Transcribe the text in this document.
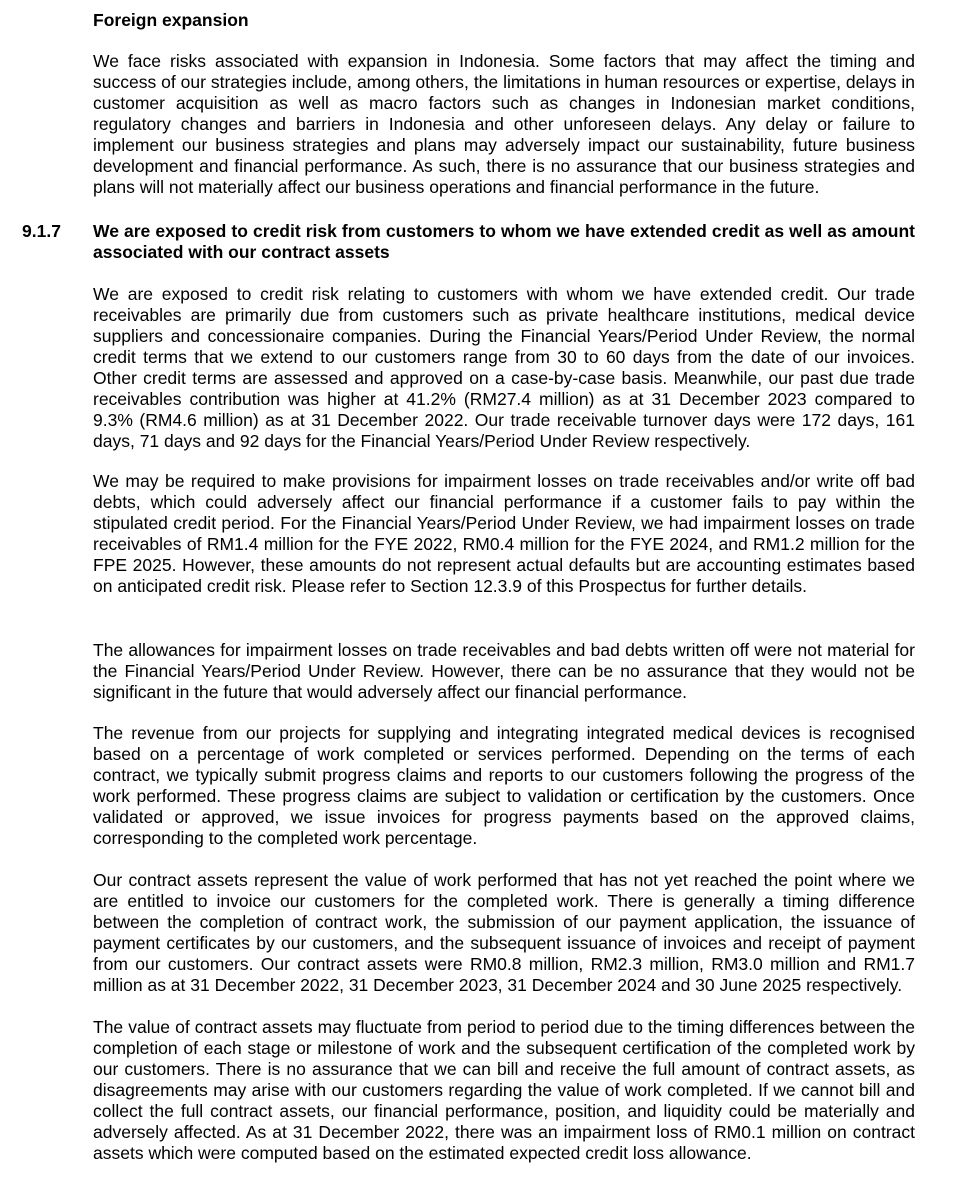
Foreign expansion

We face risks associated with expansion in Indonesia. Some factors that may affect the timing and success of our strategies include, among others, the limitations in human resources or expertise, delays in customer acquisition as well as macro factors such as changes in Indonesian market conditions, regulatory changes and barriers in Indonesia and other unforeseen delays. Any delay or failure to implement our business strategies and plans may adversely impact our sustainability, future business development and financial performance. As such, there is no assurance that our business strategies and plans will not materially affect our business operations and financial performance in the future.

9.1.7 We are exposed to credit risk from customers to whom we have extended credit as well as amount associated with our contract assets

We are exposed to credit risk relating to customers with whom we have extended credit. Our trade receivables are primarily due from customers such as private healthcare institutions, medical device suppliers and concessionaire companies. During the Financial Years/Period Under Review, the normal credit terms that we extend to our customers range from 30 to 60 days from the date of our invoices. Other credit terms are assessed and approved on a case-by-case basis. Meanwhile, our past due trade receivables contribution was higher at 41.2% (RM27.4 million) as at 31 December 2023 compared to 9.3% (RM4.6 million) as at 31 December 2022. Our trade receivable turnover days were 172 days, 161 days, 71 days and 92 days for the Financial Years/Period Under Review respectively.

We may be required to make provisions for impairment losses on trade receivables and/or write off bad debts, which could adversely affect our financial performance if a customer fails to pay within the stipulated credit period. For the Financial Years/Period Under Review, we had impairment losses on trade receivables of RM1.4 million for the FYE 2022, RM0.4 million for the FYE 2024, and RM1.2 million for the FPE 2025. However, these amounts do not represent actual defaults but are accounting estimates based on anticipated credit risk. Please refer to Section 12.3.9 of this Prospectus for further details.

The allowances for impairment losses on trade receivables and bad debts written off were not material for the Financial Years/Period Under Review. However, there can be no assurance that they would not be significant in the future that would adversely affect our financial performance.

The revenue from our projects for supplying and integrating integrated medical devices is recognised based on a percentage of work completed or services performed. Depending on the terms of each contract, we typically submit progress claims and reports to our customers following the progress of the work performed. These progress claims are subject to validation or certification by the customers. Once validated or approved, we issue invoices for progress payments based on the approved claims, corresponding to the completed work percentage.

Our contract assets represent the value of work performed that has not yet reached the point where we are entitled to invoice our customers for the completed work. There is generally a timing difference between the completion of contract work, the submission of our payment application, the issuance of payment certificates by our customers, and the subsequent issuance of invoices and receipt of payment from our customers. Our contract assets were RM0.8 million, RM2.3 million, RM3.0 million and RM1.7 million as at 31 December 2022, 31 December 2023, 31 December 2024 and 30 June 2025 respectively.

The value of contract assets may fluctuate from period to period due to the timing differences between the completion of each stage or milestone of work and the subsequent certification of the completed work by our customers. There is no assurance that we can bill and receive the full amount of contract assets, as disagreements may arise with our customers regarding the value of work completed. If we cannot bill and collect the full contract assets, our financial performance, position, and liquidity could be materially and adversely affected. As at 31 December 2022, there was an impairment loss of RM0.1 million on contract assets which were computed based on the estimated expected credit loss allowance.
